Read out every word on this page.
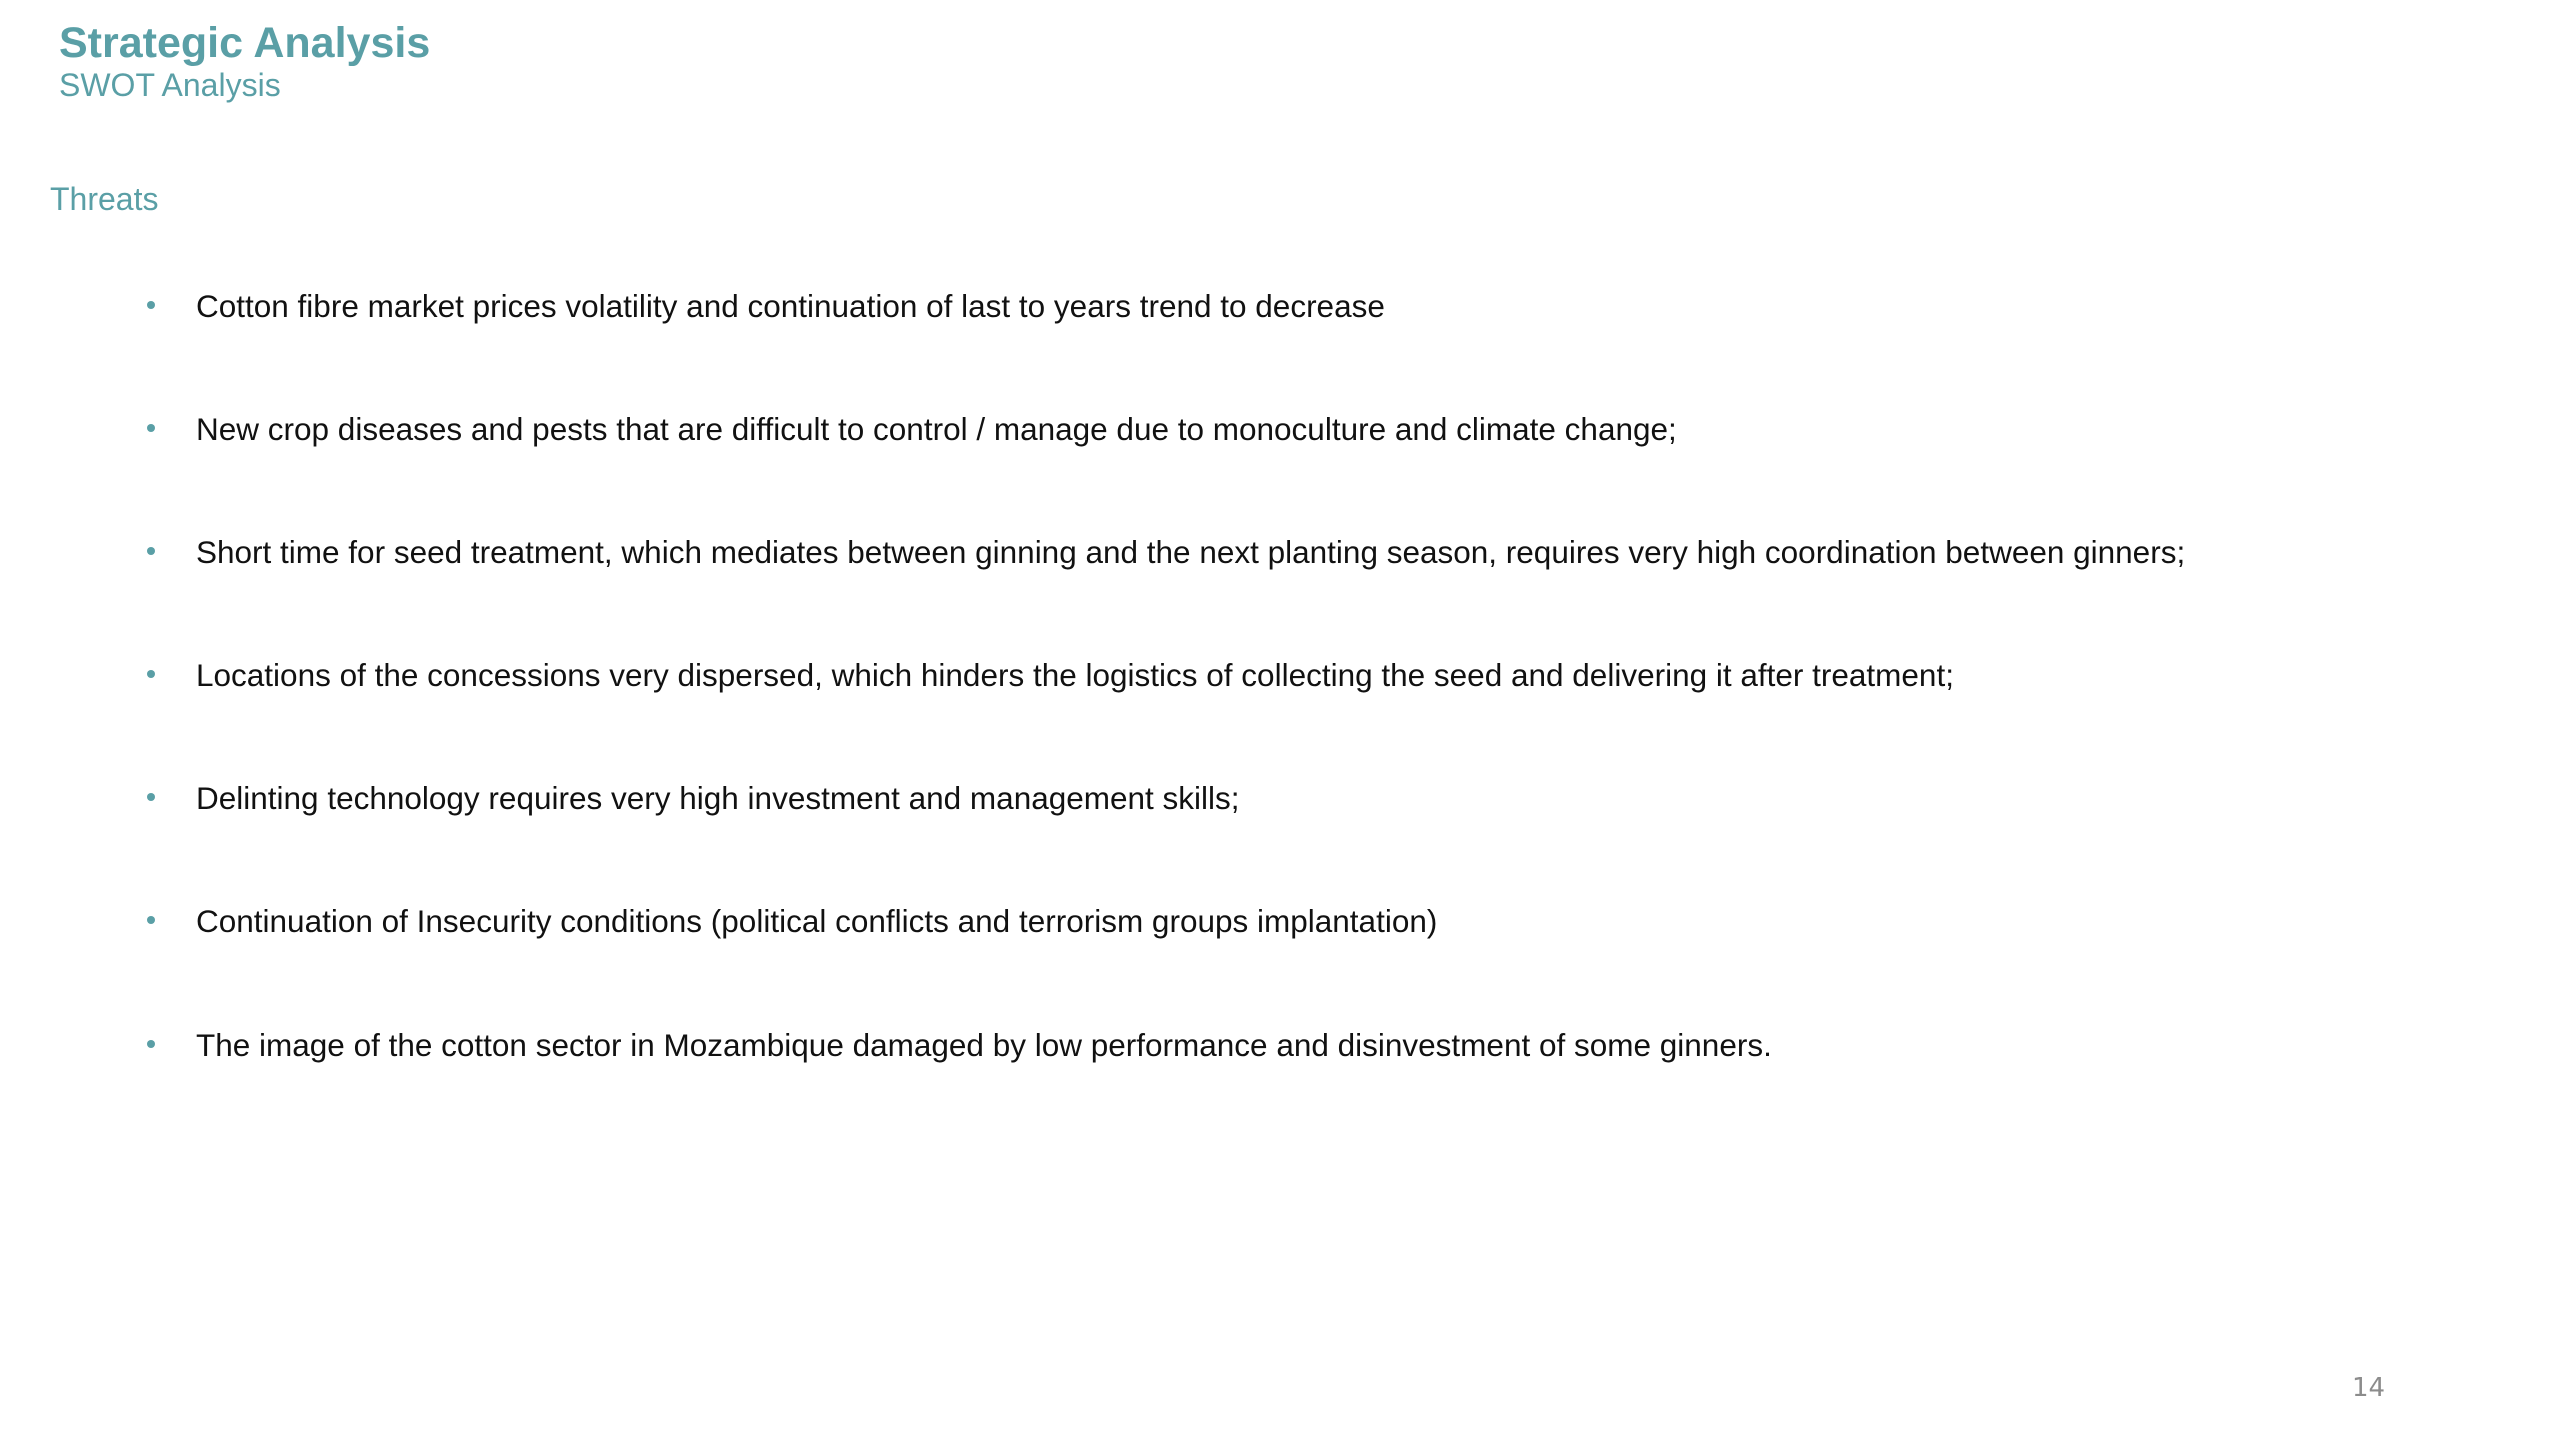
Strategic Analysis
SWOT Analysis
Threats
Cotton fibre market prices volatility and continuation of last to years trend to decrease
New crop diseases and pests that are difficult to control / manage due to monoculture and climate change;
Short time for seed treatment, which mediates between ginning and the next planting season, requires very high coordination between ginners;
Locations of the concessions very dispersed, which hinders the logistics of collecting the seed and delivering it after treatment;
Delinting technology requires very high investment and management skills;
Continuation of Insecurity conditions (political conflicts and terrorism groups implantation)
The image of the cotton sector in Mozambique damaged by low performance and disinvestment of some ginners.
14
